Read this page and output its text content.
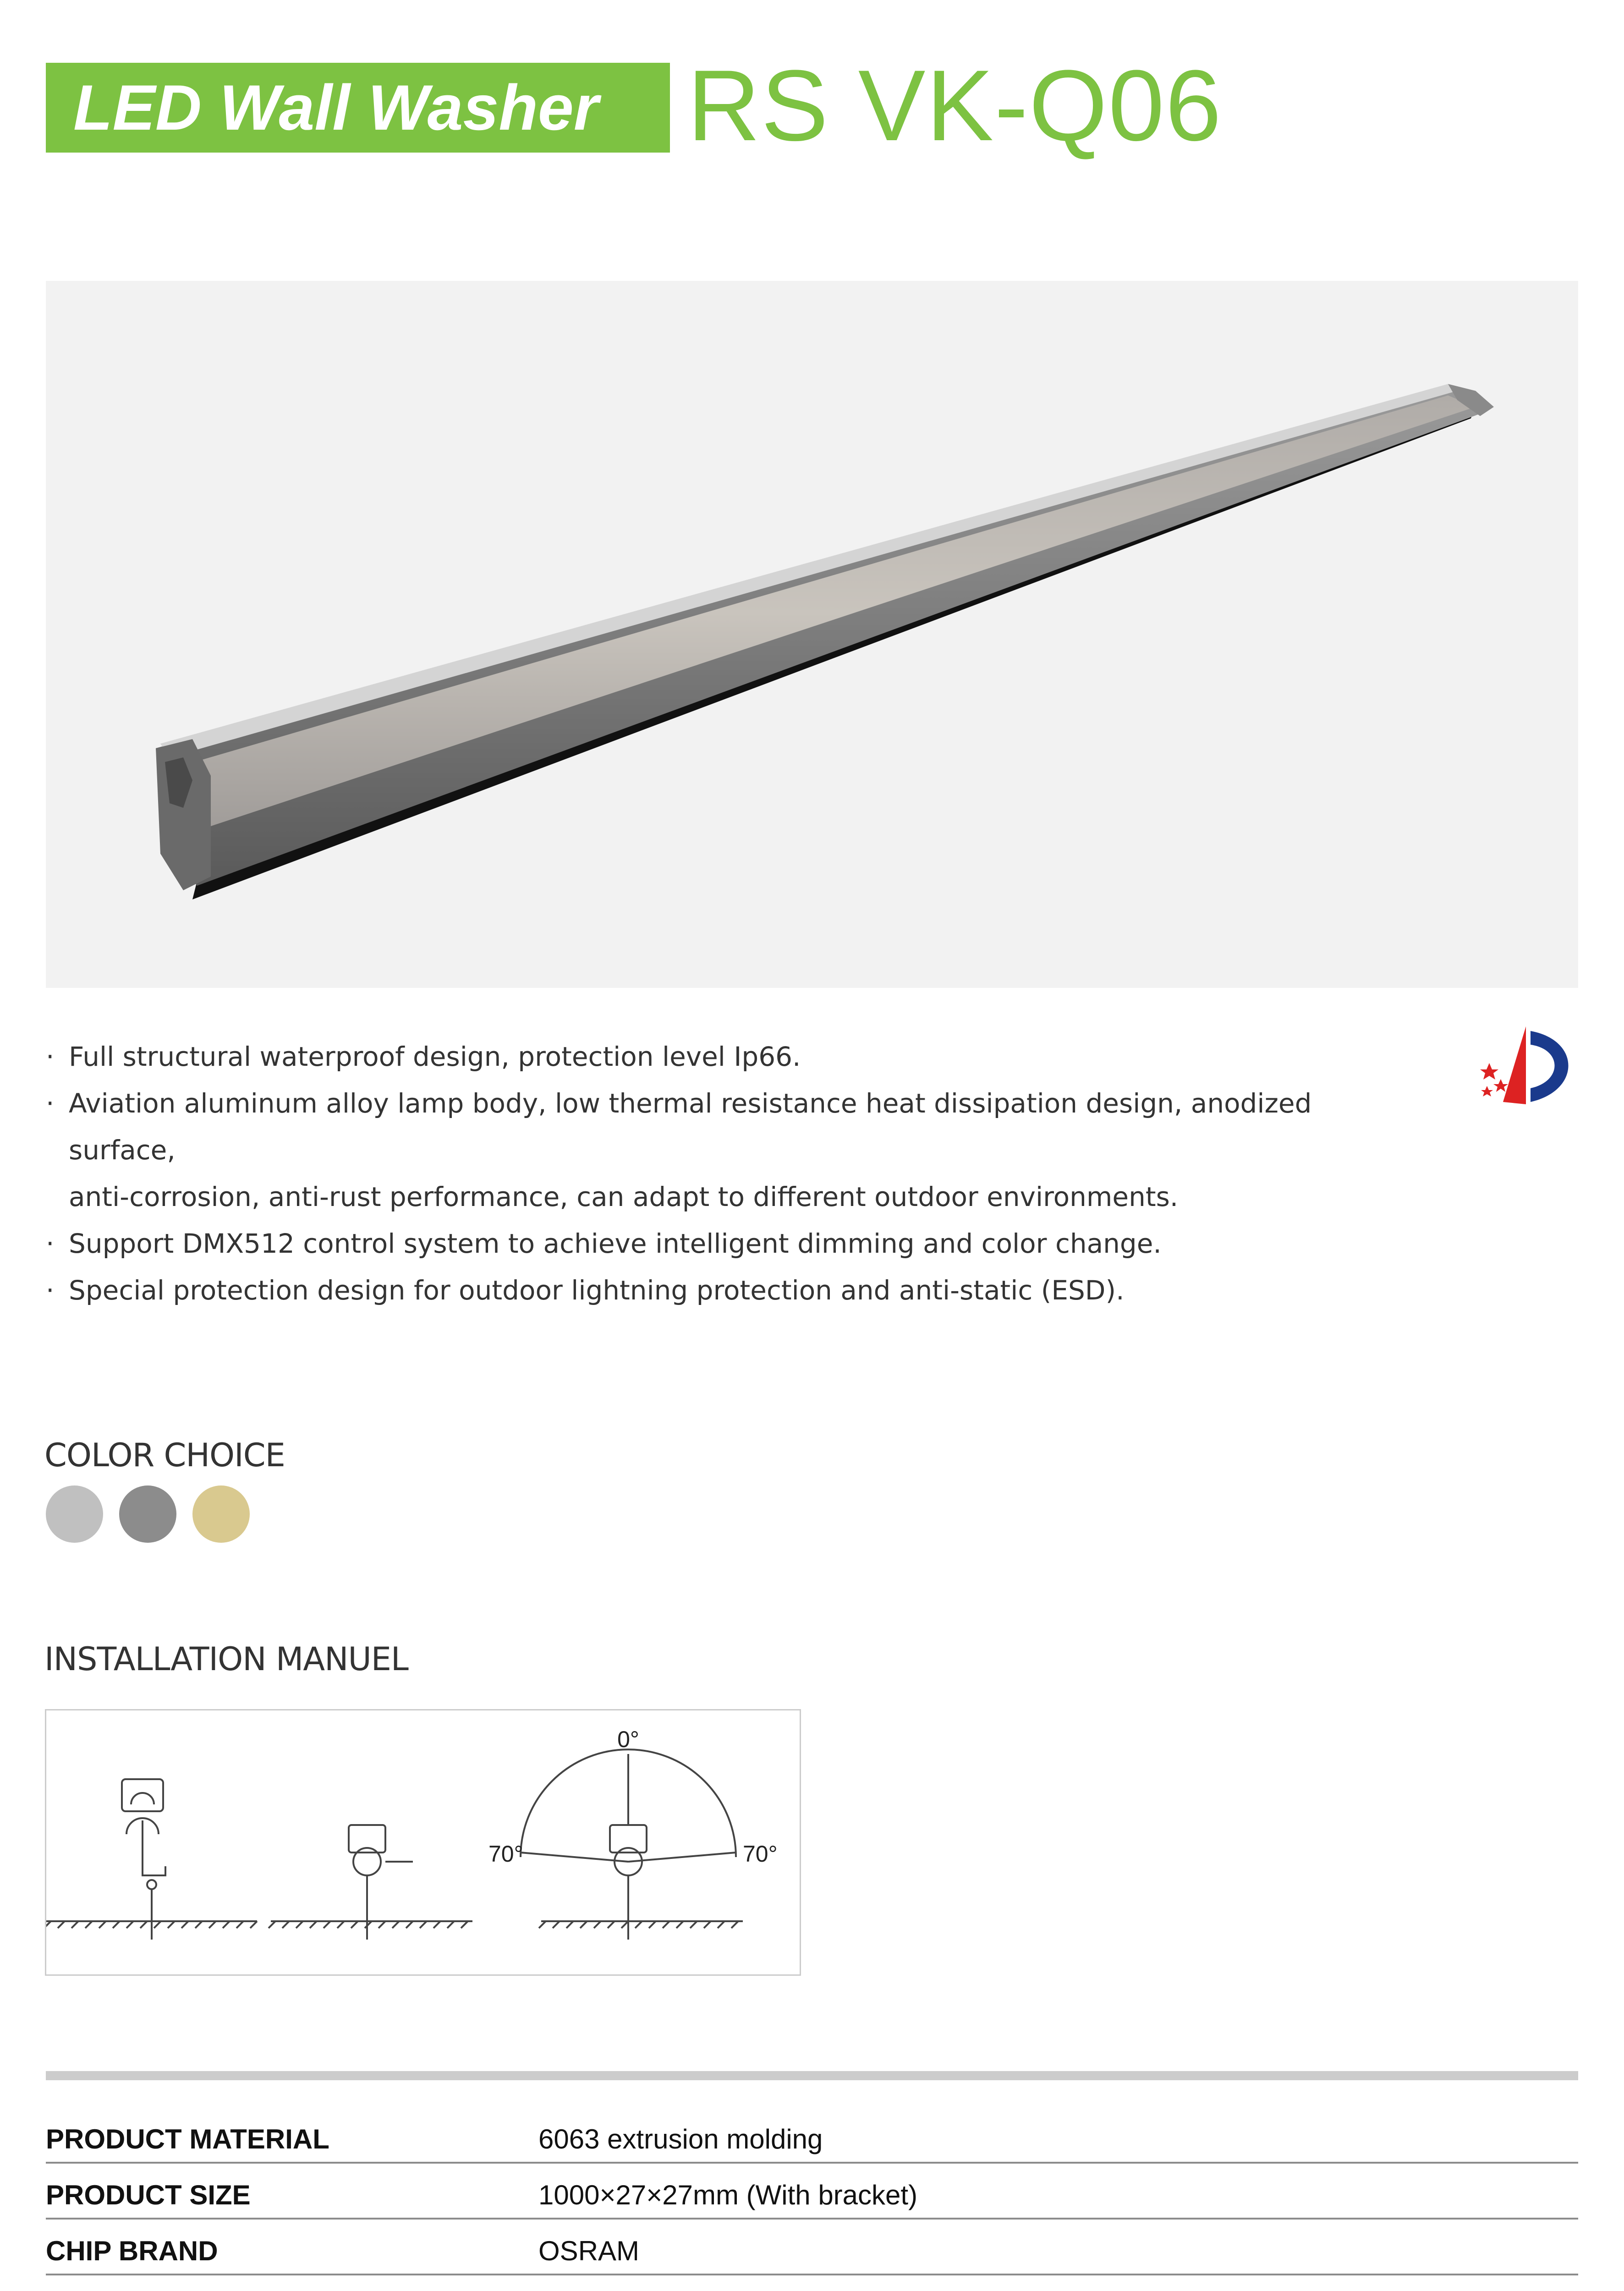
LED Wall Washer RS VK-Q06
· Full structural waterproof design, protection level Ip66.
· Aviation aluminum alloy lamp body, low thermal resistance heat dissipation design, anodized surface,
anti-corrosion, anti-rust performance, can adapt to different outdoor environments.
· Support DMX512 control system to achieve intelligent dimming and color change.
· Special protection design for outdoor lightning protection and anti-static (ESD).
COLOR CHOICE
INSTALLATION MANUEL
0°
70°	70°
PRODUCT MATERIAL	6063 extrusion molding
PRODUCT SIZE	1000×27×27mm (With bracket)
CHIP BRAND	OSRAM
